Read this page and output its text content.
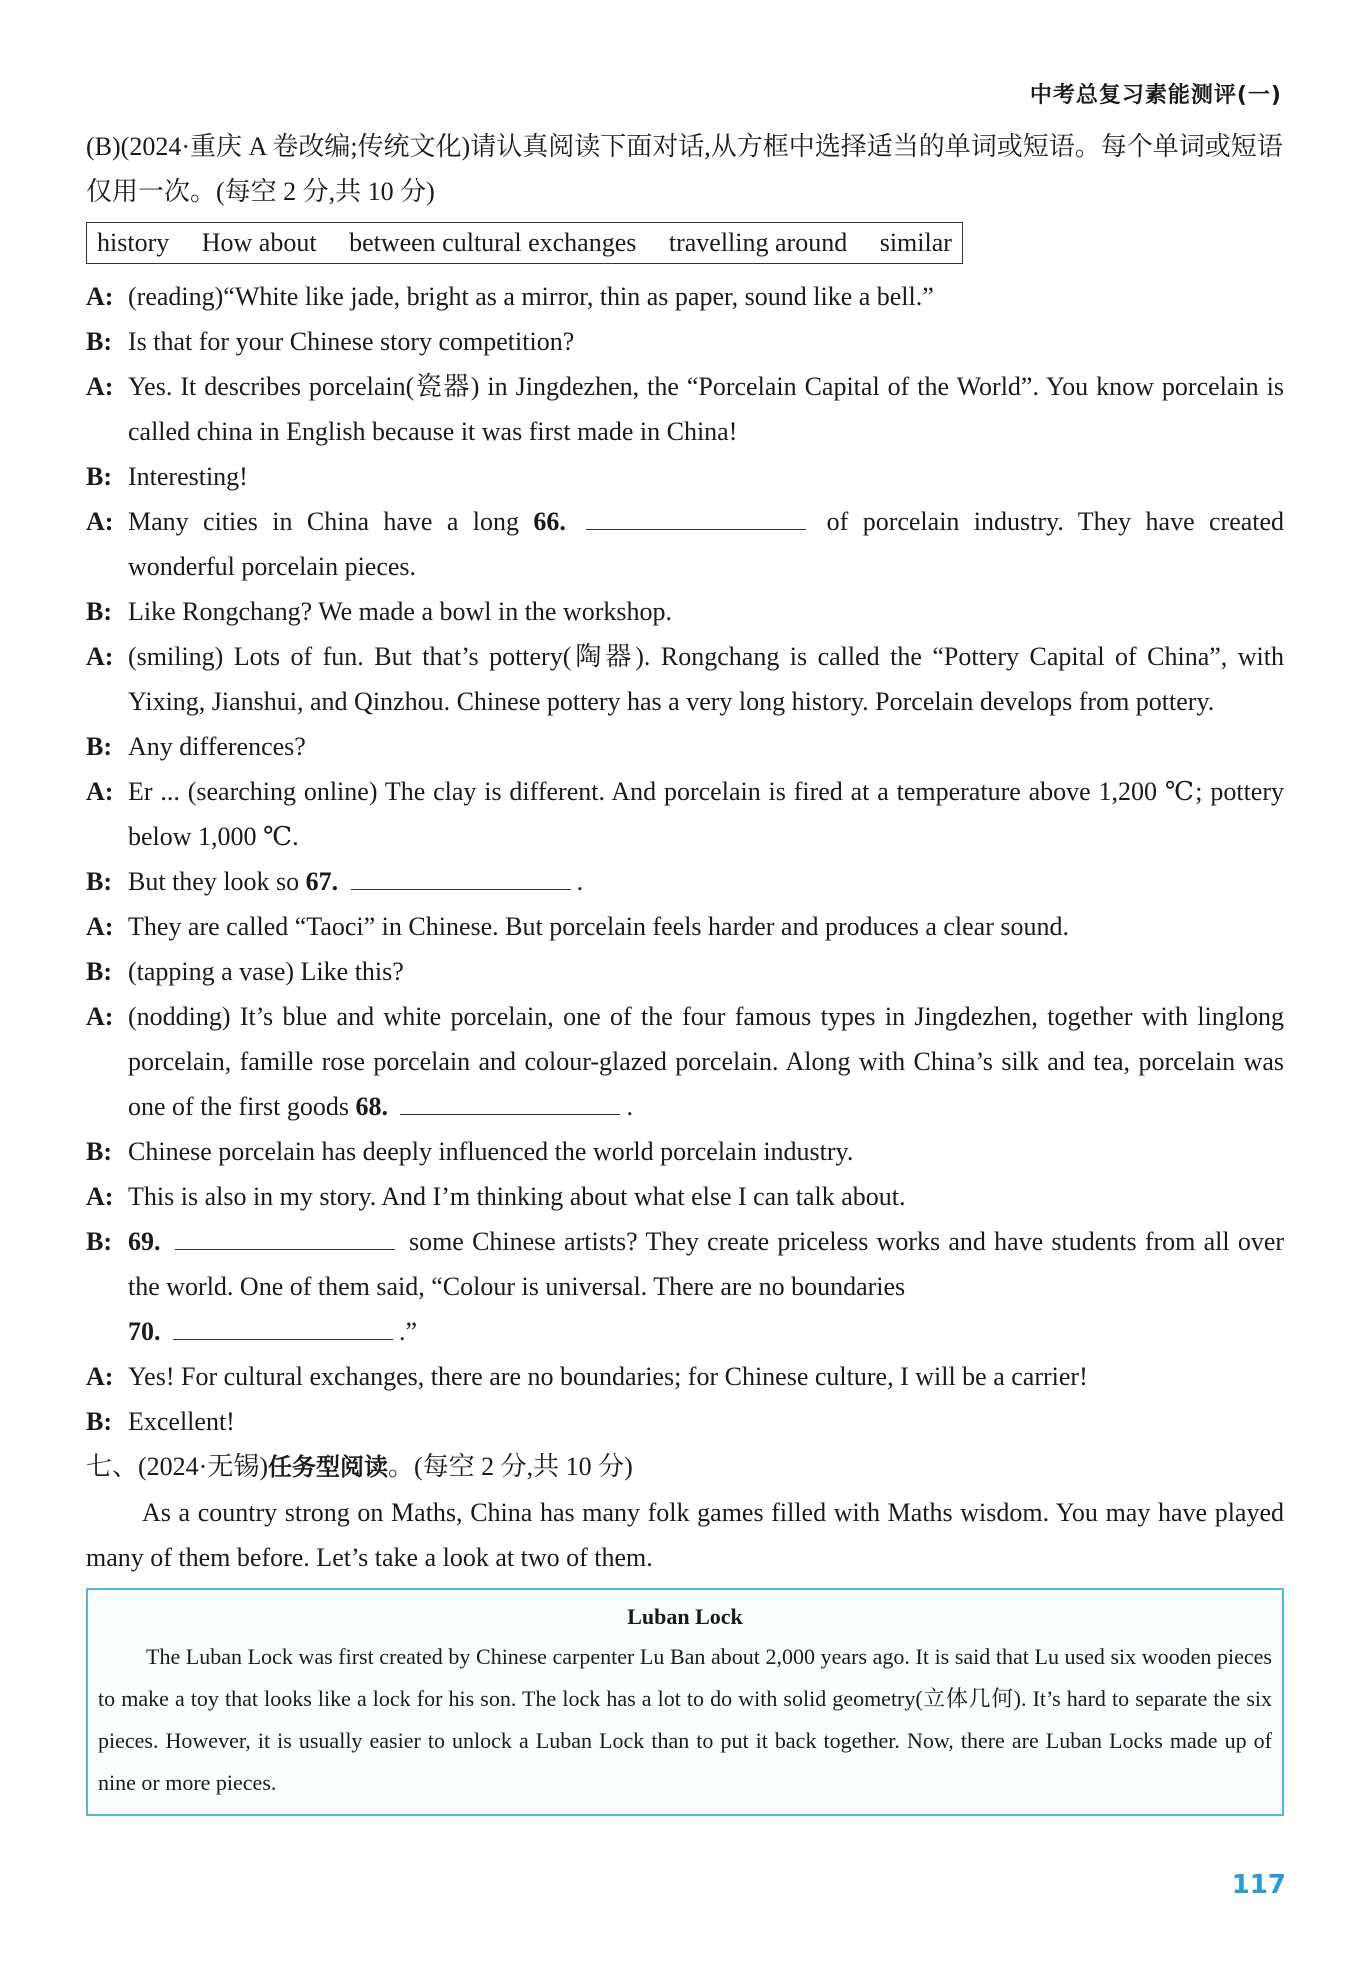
中考总复习素能测评(一)
(B)(2024·重庆 A 卷改编;传统文化)请认真阅读下面对话,从方框中选择适当的单词或短语。每个单词或短语仅用一次。(每空 2 分,共 10 分)
history How about between cultural exchanges travelling around similar
A: (reading)“White like jade, bright as a mirror, thin as paper, sound like a bell.”
B: Is that for your Chinese story competition?
A: Yes. It describes porcelain(瓷器) in Jingdezhen, the “Porcelain Capital of the World”. You know porcelain is called china in English because it was first made in China!
B: Interesting!
A: Many cities in China have a long 66.	of porcelain industry. They have created wonderful porcelain pieces.
B: Like Rongchang? We made a bowl in the workshop.
A: (smiling) Lots of fun. But that’s pottery(陶器). Rongchang is called the “Pottery Capital of China”, with Yixing, Jianshui, and Qinzhou. Chinese pottery has a very long history. Porcelain develops from pottery.
B: Any differences?
A: Er ... (searching online) The clay is different. And porcelain is fired at a temperature above 1,200 ℃; pottery below 1,000 ℃.
B: But they look so 67.	.
A: They are called “Taoci” in Chinese. But porcelain feels harder and produces a clear sound.
B: (tapping a vase) Like this?
A: (nodding) It’s blue and white porcelain, one of the four famous types in Jingdezhen, together with linglong porcelain, famille rose porcelain and colour-glazed porcelain. Along with China’s silk and tea, porcelain was one of the first goods 68.	.
B: Chinese porcelain has deeply influenced the world porcelain industry.
A: This is also in my story. And I’m thinking about what else I can talk about.
B: 69.	some Chinese artists? They create priceless works and have students from all over the world. One of them said, “Colour is universal. There are no boundaries
70.	.”
A: Yes! For cultural exchanges, there are no boundaries; for Chinese culture, I will be a carrier!
B: Excellent!
七、(2024·无锡)任务型阅读。(每空 2 分,共 10 分)
As a country strong on Maths, China has many folk games filled with Maths wisdom. You may have played many of them before. Let’s take a look at two of them.
Luban Lock
The Luban Lock was first created by Chinese carpenter Lu Ban about 2,000 years ago. It is said that Lu used six wooden pieces to make a toy that looks like a lock for his son. The lock has a lot to do with solid geometry(立体几何). It’s hard to separate the six pieces. However, it is usually easier to unlock a Luban Lock than to put it back together. Now, there are Luban Locks made up of nine or more pieces.
117
